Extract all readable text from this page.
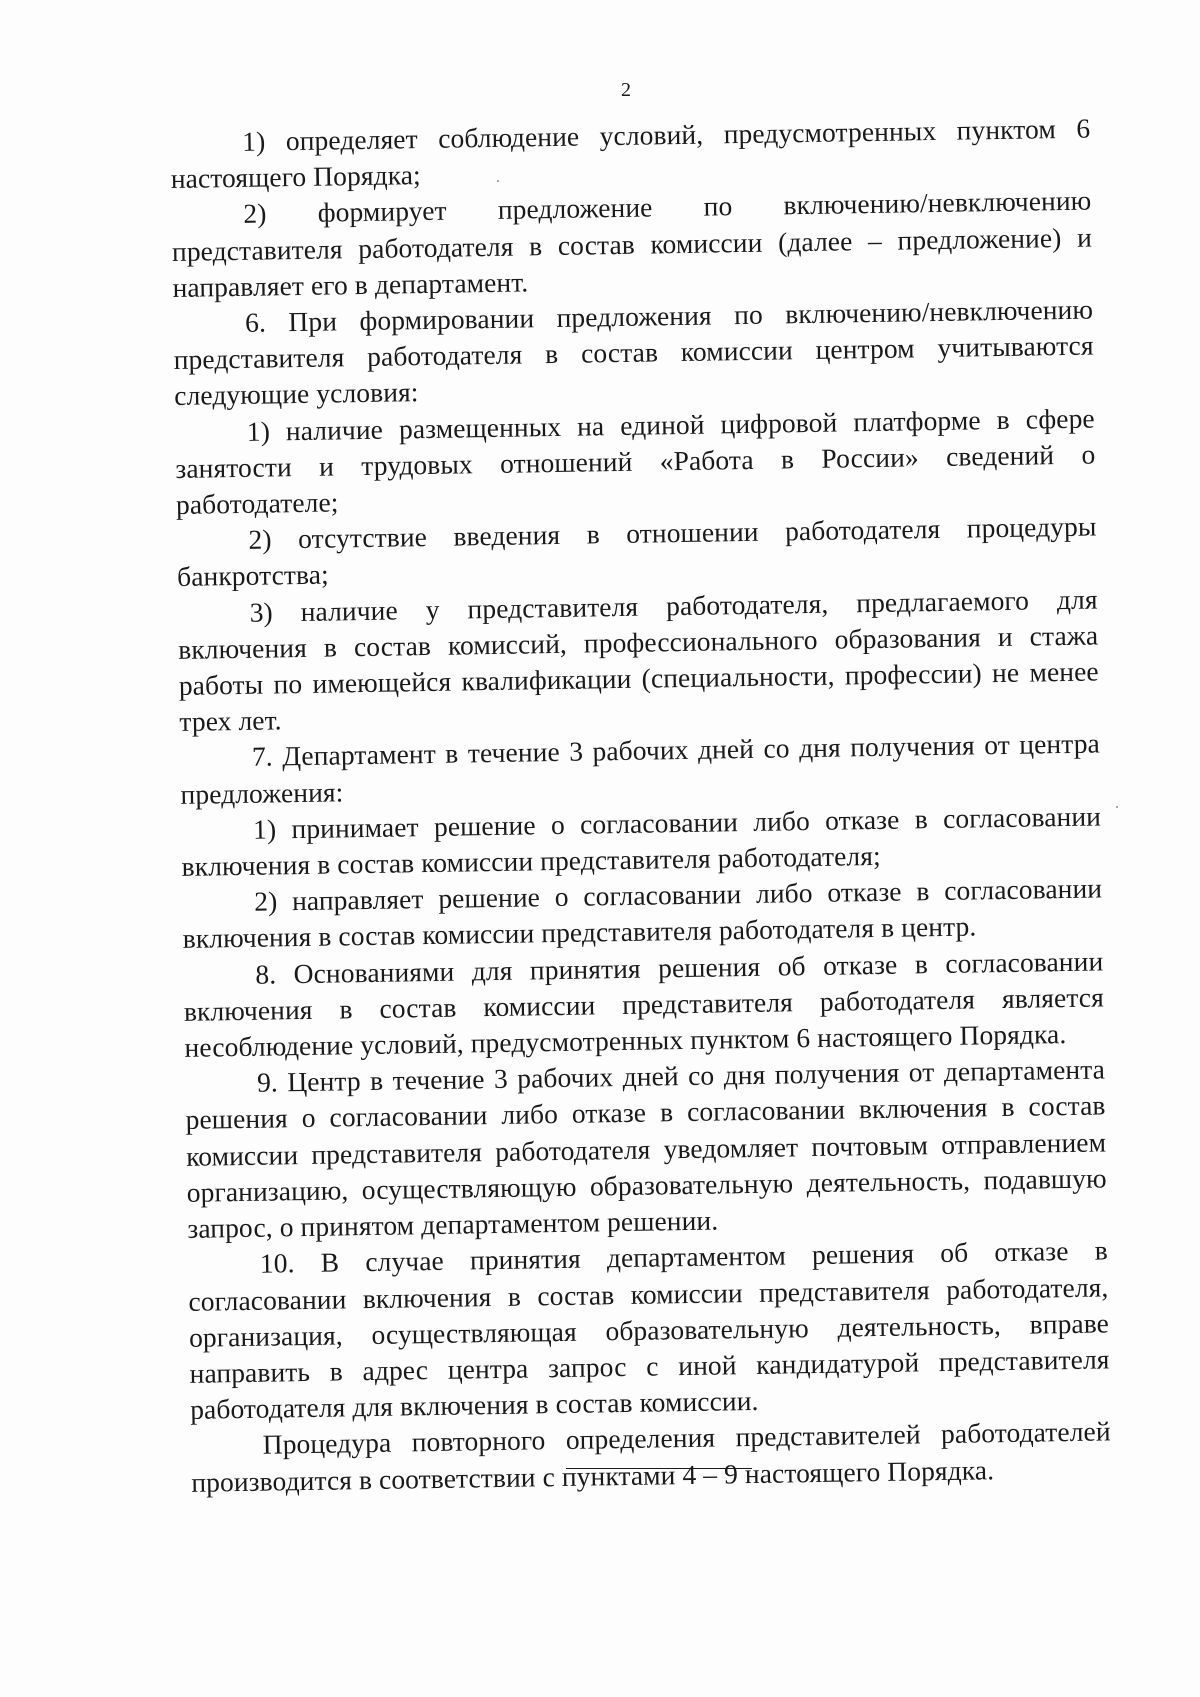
2

1) определяет соблюдение условий, предусмотренных пунктом 6 настоящего Порядка;

2) формирует предложение по включению/невключению представителя работодателя в состав комиссии (далее – предложение) и направляет его в департамент.

6. При формировании предложения по включению/невключению представителя работодателя в состав комиссии центром учитываются следующие условия:

1) наличие размещенных на единой цифровой платформе в сфере занятости и трудовых отношений «Работа в России» сведений о работодателе;

2) отсутствие введения в отношении работодателя процедуры банкротства;

3) наличие у представителя работодателя, предлагаемого для включения в состав комиссий, профессионального образования и стажа работы по имеющейся квалификации (специальности, профессии) не менее трех лет.

7. Департамент в течение 3 рабочих дней со дня получения от центра предложения:

1) принимает решение о согласовании либо отказе в согласовании включения в состав комиссии представителя работодателя;

2) направляет решение о согласовании либо отказе в согласовании включения в состав комиссии представителя работодателя в центр.

8. Основаниями для принятия решения об отказе в согласовании включения в состав комиссии представителя работодателя является несоблюдение условий, предусмотренных пунктом 6 настоящего Порядка.

9. Центр в течение 3 рабочих дней со дня получения от департамента решения о согласовании либо отказе в согласовании включения в состав комиссии представителя работодателя уведомляет почтовым отправлением организацию, осуществляющую образовательную деятельность, подавшую запрос, о принятом департаментом решении.

10. В случае принятия департаментом решения об отказе в согласовании включения в состав комиссии представителя работодателя, организация, осуществляющая образовательную деятельность, вправе направить в адрес центра запрос с иной кандидатурой представителя работодателя для включения в состав комиссии.

Процедура повторного определения представителей работодателей производится в соответствии с пунктами 4 – 9 настоящего Порядка.
